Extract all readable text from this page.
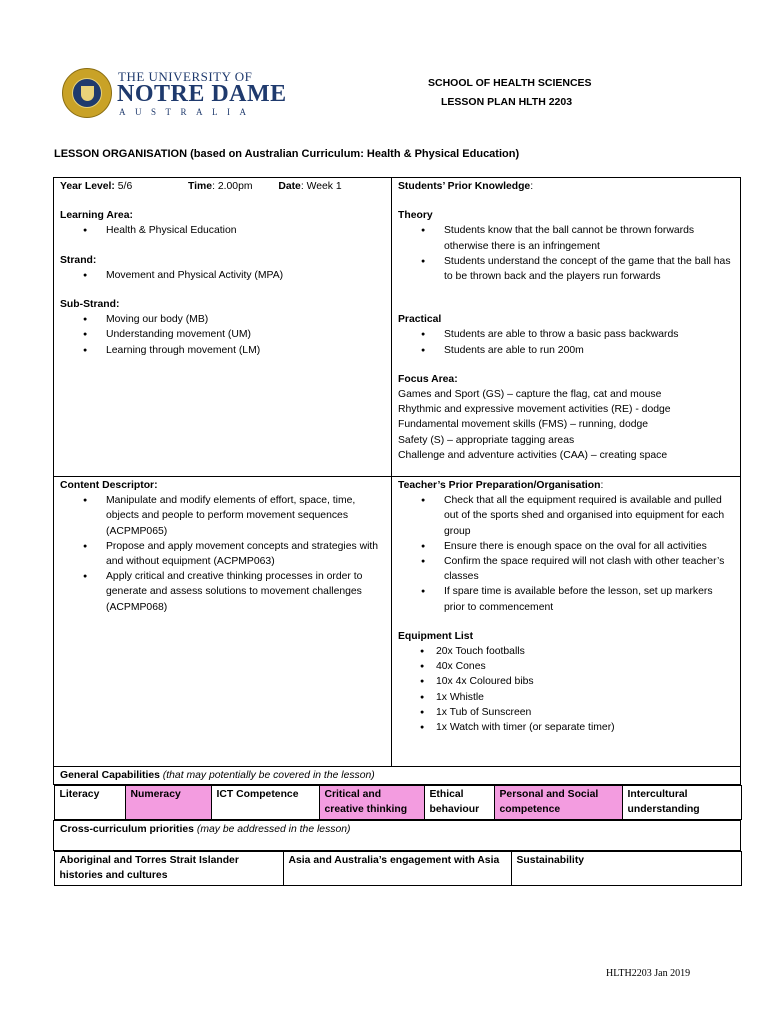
THE UNIVERSITY OF
NOTRE DAME
AUSTRALIA
SCHOOL OF HEALTH SCIENCES
LESSON PLAN HLTH 2203
LESSON ORGANISATION (based on Australian Curriculum: Health & Physical Education)
Year Level: 5/6	Time: 2.00pm Date: Week 1
Learning Area:
● Health & Physical Education
Strand:
● Movement and Physical Activity (MPA)
Sub-Strand:
● Moving our body (MB)
● Understanding movement (UM)
● Learning through movement (LM)

Students’ Prior Knowledge:
Theory
● Students know that the ball cannot be thrown forwards otherwise there is an infringement
● Students understand the concept of the game that the ball has to be thrown back and the players run forwards
Practical
● Students are able to throw a basic pass backwards
● Students are able to run 200m
Focus Area:
Games and Sport (GS) – capture the flag, cat and mouse
Rhythmic and expressive movement activities (RE) - dodge
Fundamental movement skills (FMS) – running, dodge
Safety (S) – appropriate tagging areas
Challenge and adventure activities (CAA) – creating space

Content Descriptor:
● Manipulate and modify elements of effort, space, time, objects and people to perform movement sequences (ACPMP065)
● Propose and apply movement concepts and strategies with and without equipment (ACPMP063)
● Apply critical and creative thinking processes in order to generate and assess solutions to movement challenges (ACPMP068)

Teacher’s Prior Preparation/Organisation:
● Check that all the equipment required is available and pulled out of the sports shed and organised into equipment for each group
● Ensure there is enough space on the oval for all activities
● Confirm the space required will not clash with other teacher’s classes
● If spare time is available before the lesson, set up markers prior to commencement
Equipment List
● 20x Touch footballs
● 40x Cones
● 10x 4x Coloured bibs
● 1x Whistle
● 1x Tub of Sunscreen
● 1x Watch with timer (or separate timer)

General Capabilities (that may potentially be covered in the lesson)

Literacy	Numeracy	ICT Competence	Critical and creative thinking	Ethical behaviour	Personal and Social competence	Intercultural understanding

Cross-curriculum priorities (may be addressed in the lesson)

Aboriginal and Torres Strait Islander histories and cultures	Asia and Australia’s engagement with Asia	Sustainability
HLTH2203 Jan 2019
